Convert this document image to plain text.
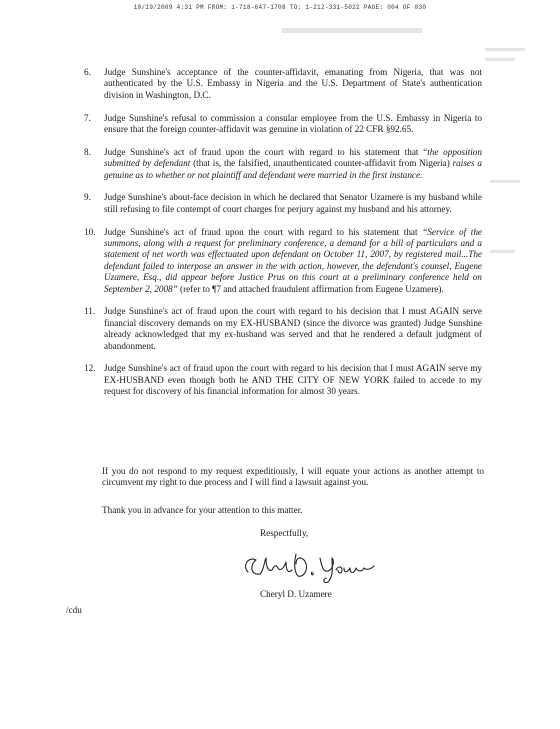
10/19/2009 4:31 PM FROM: 1-718-647-1708 TO: 1-212-331-5022 PAGE: 004 OF 030
6.	Judge Sunshine's acceptance of the counter-affidavit, emanating from Nigeria, that was not authenticated by the U.S. Embassy in Nigeria and the U.S. Department of State's authentication division in Washington, D.C.
7.	Judge Sunshine's refusal to commission a consular employee from the U.S. Embassy in Nigeria to ensure that the foreign counter-affidavit was genuine in violation of 22 CFR §92.65.
8.	Judge Sunshine's act of fraud upon the court with regard to his statement that “the opposition submitted by defendant (that is, the falsified, unauthenticated counter-affidavit from Nigeria) raises a genuine as to whether or not plaintiff and defendant were married in the first instance.
9.	Judge Sunshine's about-face decision in which he declared that Senator Uzamere is my husband while still refusing to file contempt of court charges for perjury against my husband and his attorney.
10. Judge Sunshine's act of fraud upon the court with regard to his statement that “Service of the summons, along with a request for preliminary conference, a demand for a bill of particulars and a statement of net worth was effectuated upon defendant on October 11, 2007, by registered mail...The defendant failed to interpose an answer in the with action, however, the defendant's counsel, Eugene Uzamere, Esq., did appear before Justice Prus on this court at a preliminary conference held on September 2, 2008” (refer to ¶7 and attached fraudulent affirmation from Eugene Uzamere).
11. Judge Sunshine's act of fraud upon the court with regard to his decision that I must AGAIN serve financial discovery demands on my EX-HUSBAND (since the divorce was granted) Judge Sunshine already acknowledged that my ex-husband was served and that he rendered a default judgment of abandonment.
12. Judge Sunshine's act of fraud upon the court with regard to his decision that I must AGAIN serve my EX-HUSBAND even though both he AND THE CITY OF NEW YORK failed to accede to my request for discovery of his financial information for almost 30 years.

If you do not respond to my request expeditiously, I will equate your actions as another attempt to circumvent my right to due process and I will find a lawsuit against you.

Thank you in advance for your attention to this matter.
Respectfully,
Cheryl D. Uzamere
/cdu
